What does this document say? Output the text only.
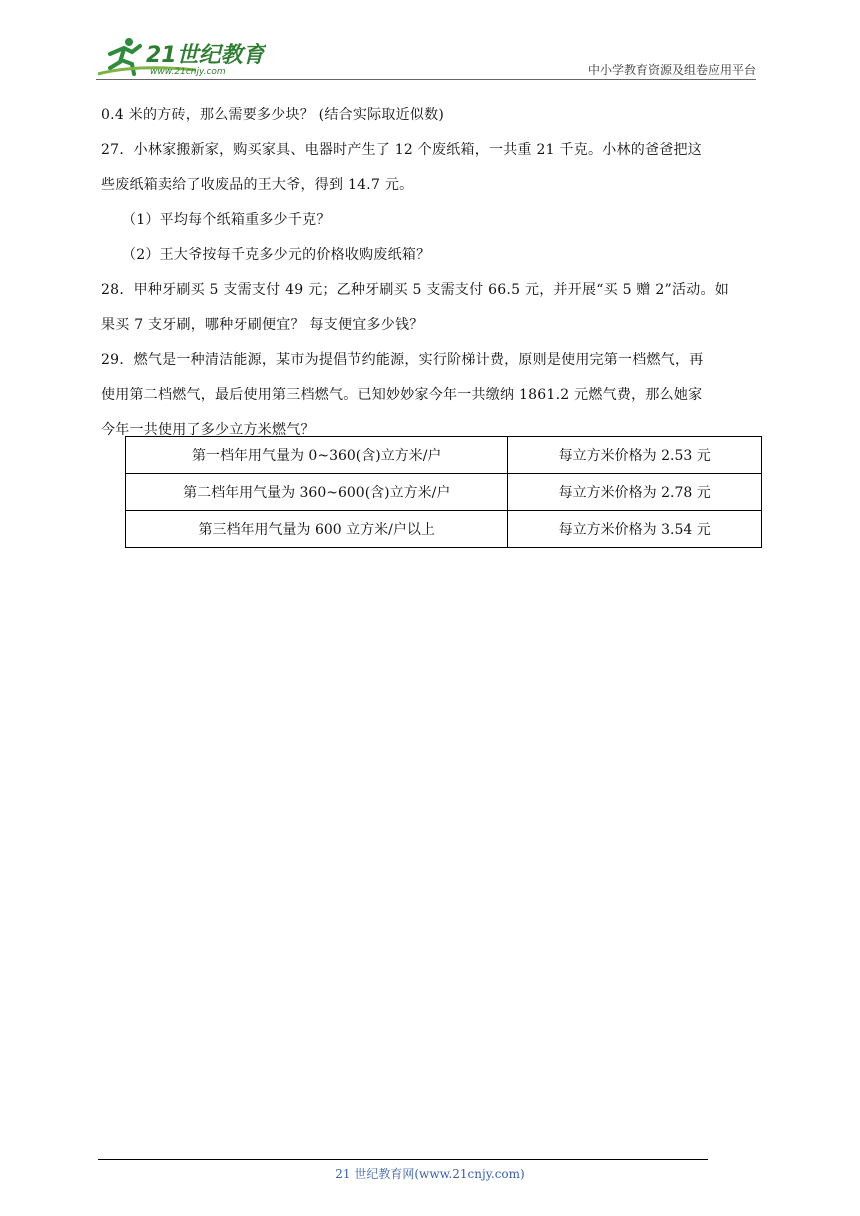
21世纪教育
www.21cnjy.com	中小学教育资源及组卷应用平台
0.4 米的方砖，那么需要多少块？ (结合实际取近似数)
27．小林家搬新家，购买家具、电器时产生了 12 个废纸箱，一共重 21 千克。小林的爸爸把这
些废纸箱卖给了收废品的王大爷，得到 14.7 元。
（1）平均每个纸箱重多少千克？
（2）王大爷按每千克多少元的价格收购废纸箱？
28．甲种牙刷买 5 支需支付 49 元；乙种牙刷买 5 支需支付 66.5 元，并开展“买 5 赠 2”活动。如
果买 7 支牙刷，哪种牙刷便宜？ 每支便宜多少钱？
29．燃气是一种清洁能源，某市为提倡节约能源，实行阶梯计费，原则是使用完第一档燃气，再
使用第二档燃气，最后使用第三档燃气。已知妙妙家今年一共缴纳 1861.2 元燃气费，那么她家
今年一共使用了多少立方米燃气？
第一档年用气量为 0~360(含)立方米/户	每立方米价格为 2.53 元
第二档年用气量为 360~600(含)立方米/户	每立方米价格为 2.78 元
第三档年用气量为 600 立方米/户以上	每立方米价格为 3.54 元
21 世纪教育网(www.21cnjy.com)
